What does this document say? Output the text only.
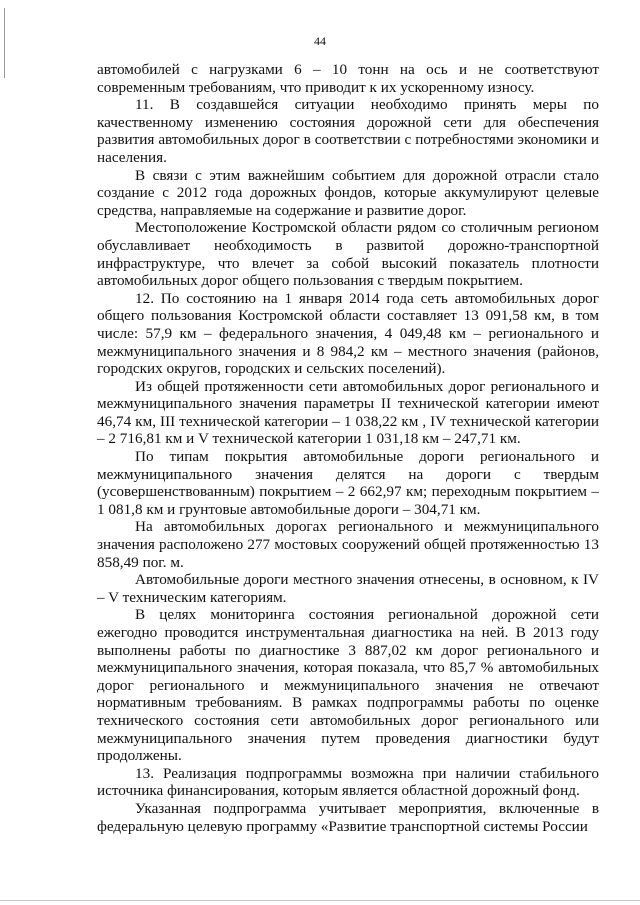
44

автомобилей с нагрузками 6 – 10 тонн на ось и не соответствуют современным требованиям, что приводит к их ускоренному износу.

11. В создавшейся ситуации необходимо принять меры по качественному изменению состояния дорожной сети для обеспечения развития автомобильных дорог в соответствии с потребностями экономики и населения.

В связи с этим важнейшим событием для дорожной отрасли стало создание с 2012 года дорожных фондов, которые аккумулируют целевые средства, направляемые на содержание и развитие дорог.

Местоположение Костромской области рядом со столичным регионом обуславливает необходимость в развитой дорожно-транспортной инфраструктуре, что влечет за собой высокий показатель плотности автомобильных дорог общего пользования с твердым покрытием.

12. По состоянию на 1 января 2014 года сеть автомобильных дорог общего пользования Костромской области составляет 13 091,58 км, в том числе: 57,9 км – федерального значения, 4 049,48 км – регионального и межмуниципального значения и 8 984,2 км – местного значения (районов, городских округов, городских и сельских поселений).

Из общей протяженности сети автомобильных дорог регионального и межмуниципального значения параметры II технической категории имеют 46,74 км, III технической категории – 1 038,22 км , IV технической категории – 2 716,81 км и V технической категории 1 031,18 км – 247,71 км.

По типам покрытия автомобильные дороги регионального и межмуниципального значения делятся на дороги с твердым (усовершенствованным) покрытием – 2 662,97 км; переходным покрытием – 1 081,8 км и грунтовые автомобильные дороги – 304,71 км.

На автомобильных дорогах регионального и межмуниципального значения расположено 277 мостовых сооружений общей протяженностью 13 858,49 пог. м.

Автомобильные дороги местного значения отнесены, в основном, к IV – V техническим категориям.

В целях мониторинга состояния региональной дорожной сети ежегодно проводится инструментальная диагностика на ней. В 2013 году выполнены работы по диагностике 3 887,02 км дорог регионального и межмуниципального значения, которая показала, что 85,7 % автомобильных дорог регионального и межмуниципального значения не отвечают нормативным требованиям. В рамках подпрограммы работы по оценке технического состояния сети автомобильных дорог регионального или межмуниципального значения путем проведения диагностики будут продолжены.

13. Реализация подпрограммы возможна при наличии стабильного источника финансирования, которым является областной дорожный фонд.

Указанная подпрограмма учитывает мероприятия, включенные в федеральную целевую программу «Развитие транспортной системы России
